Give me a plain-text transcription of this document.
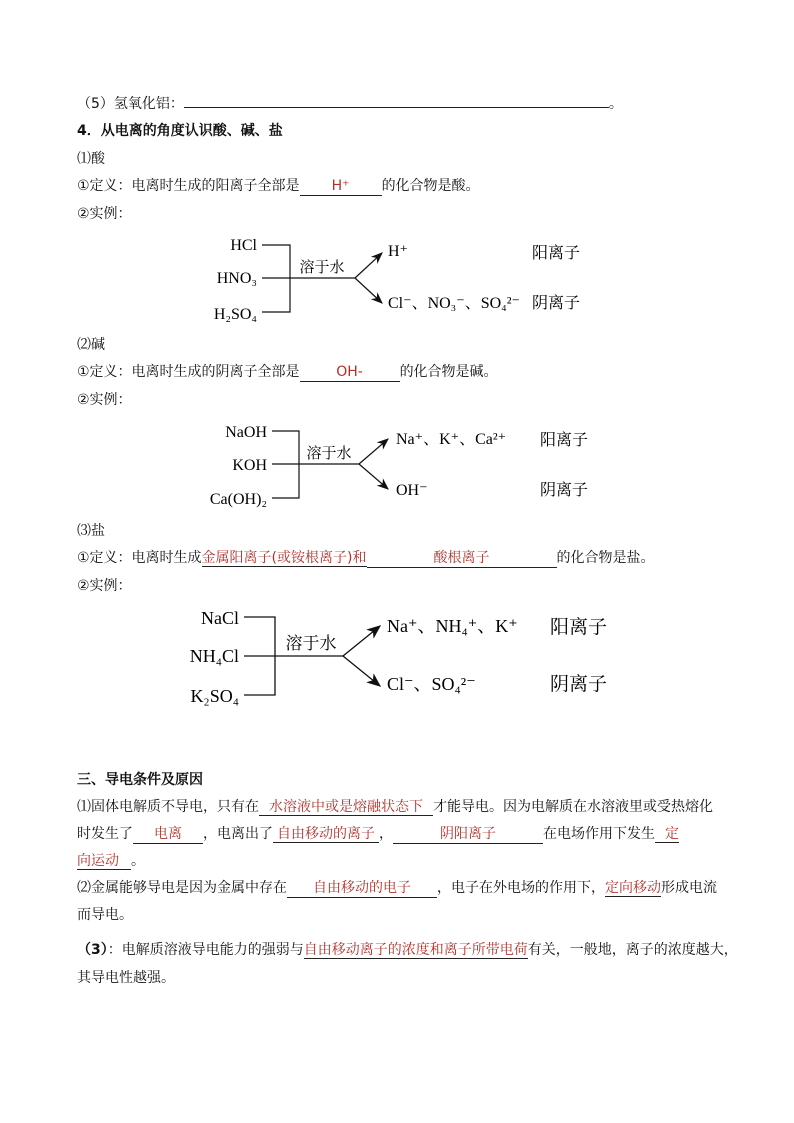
（5）氢氧化铝：	。
4．从电离的角度认识酸、碱、盐
⑴酸
①定义：电离时生成的阳离子全部是 H⁺ 的化合物是酸。
②实例：
HCl
HNO₃
H₂SO₄
溶于水
H⁺
Cl⁻、NO₃⁻、SO₄²⁻
阳离子
阴离子
⑵碱
①定义：电离时生成的阴离子全部是	OH-	的化合物是碱。
②实例：
NaOH
KOH
Ca(OH)₂
溶于水
Na⁺、K⁺、Ca²⁺
OH⁻
阳离子
阴离子
⑶盐
①定义：电离时生成金属阳离子(或铵根离子)和	酸根离子	的化合物是盐。
②实例：
NaCl
NH₄Cl
K₂SO₄
溶于水
Na⁺、NH₄⁺、K⁺
Cl⁻、SO₄²⁻
阳离子
阴离子
三、导电条件及原因
⑴固体电解质不导电，只有在 水溶液中或是熔融状态下 才能导电。因为电解质在水溶液里或受热熔化
时发生了 电离 ，电离出了 自由移动的离子 ，	阴阳离子	在电场作用下发生 定
向运动 。
⑵金属能够导电是因为金属中存在 自由移动的电子 ，电子在外电场的作用下，定向移动形成电流
而导电。
（3）：电解质溶液导电能力的强弱与自由移动离子的浓度和离子所带电荷有关，一般地，离子的浓度越大，
其导电性越强。
